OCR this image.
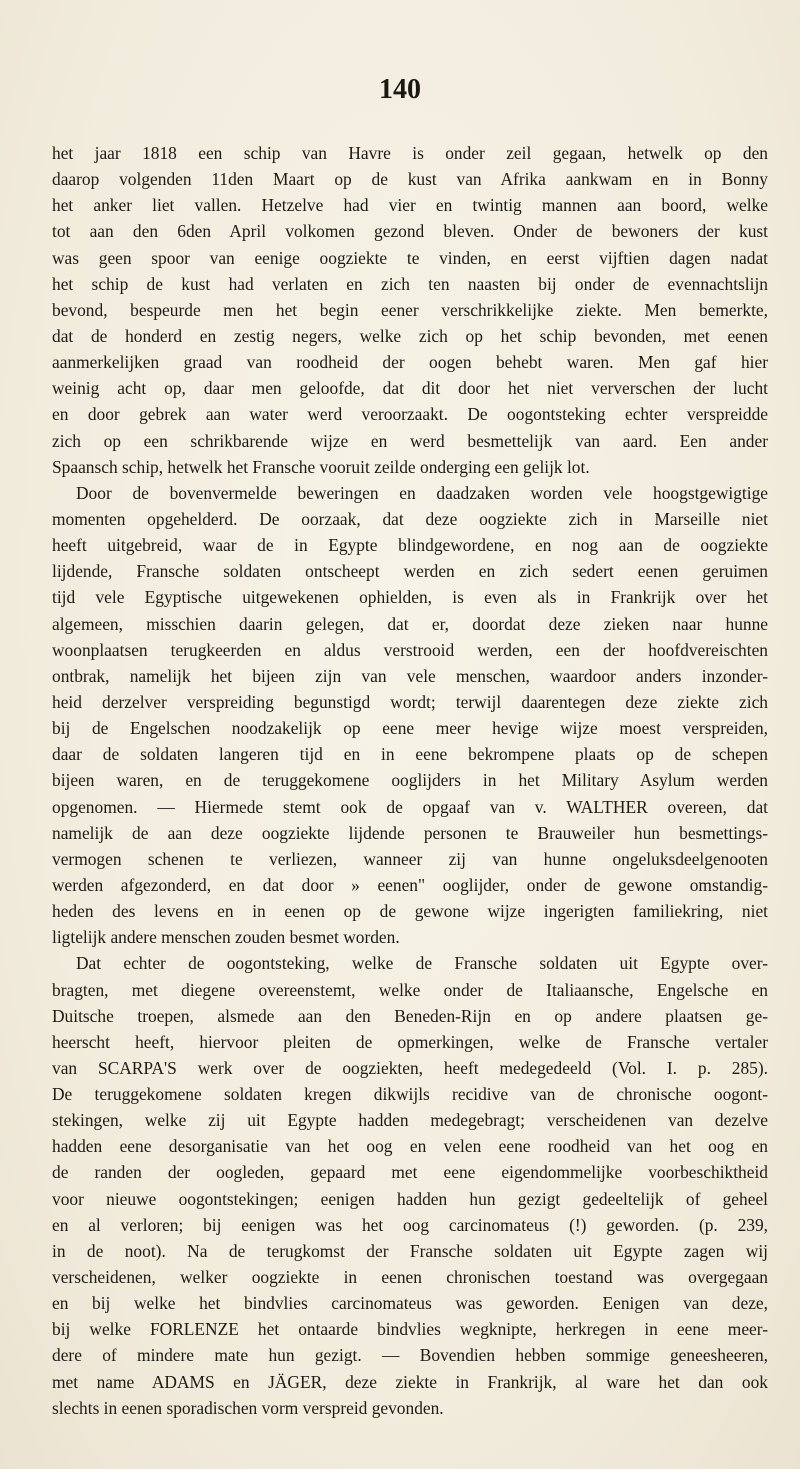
140
het jaar 1818 een schip van Havre is onder zeil gegaan, hetwelk op den
daarop volgenden 11den Maart op de kust van Afrika aankwam en in Bonny
het anker liet vallen. Hetzelve had vier en twintig mannen aan boord, welke
tot aan den 6den April volkomen gezond bleven. Onder de bewoners der kust
was geen spoor van eenige oogziekte te vinden, en eerst vijftien dagen nadat
het schip de kust had verlaten en zich ten naasten bij onder de evennachtslijn
bevond, bespeurde men het begin eener verschrikkelijke ziekte. Men bemerkte,
dat de honderd en zestig negers, welke zich op het schip bevonden, met eenen
aanmerkelijken graad van roodheid der oogen behebt waren. Men gaf hier
weinig acht op, daar men geloofde, dat dit door het niet ververschen der lucht
en door gebrek aan water werd veroorzaakt. De oogontsteking echter verspreidde
zich op een schrikbarende wijze en werd besmettelijk van aard. Een ander
Spaansch schip, hetwelk het Fransche vooruit zeilde onderging een gelijk lot.
Door de bovenvermelde beweringen en daadzaken worden vele hoogstgewigtige
momenten opgehelderd. De oorzaak, dat deze oogziekte zich in Marseille niet
heeft uitgebreid, waar de in Egypte blindgewordene, en nog aan de oogziekte
lijdende, Fransche soldaten ontscheept werden en zich sedert eenen geruimen
tijd vele Egyptische uitgewekenen ophielden, is even als in Frankrijk over het
algemeen, misschien daarin gelegen, dat er, doordat deze zieken naar hunne
woonplaatsen terugkeerden en aldus verstrooid werden, een der hoofdvereischten
ontbrak, namelijk het bijeen zijn van vele menschen, waardoor anders inzonder-
heid derzelver verspreiding begunstigd wordt; terwijl daarentegen deze ziekte zich
bij de Engelschen noodzakelijk op eene meer hevige wijze moest verspreiden,
daar de soldaten langeren tijd en in eene bekrompene plaats op de schepen
bijeen waren, en de teruggekomene ooglijders in het Military Asylum werden
opgenomen. — Hiermede stemt ook de opgaaf van v. WALTHER overeen, dat
namelijk de aan deze oogziekte lijdende personen te Brauweiler hun besmettings-
vermogen schenen te verliezen, wanneer zij van hunne ongeluksdeelgenooten
werden afgezonderd, en dat door » eenen" ooglijder, onder de gewone omstandig-
heden des levens en in eenen op de gewone wijze ingerigten familiekring, niet
ligtelijk andere menschen zouden besmet worden.
Dat echter de oogontsteking, welke de Fransche soldaten uit Egypte over-
bragten, met diegene overeenstemt, welke onder de Italiaansche, Engelsche en
Duitsche troepen, alsmede aan den Beneden-Rijn en op andere plaatsen ge-
heerscht heeft, hiervoor pleiten de opmerkingen, welke de Fransche vertaler
van SCARPA'S werk over de oogziekten, heeft medegedeeld (Vol. I. p. 285).
De teruggekomene soldaten kregen dikwijls recidive van de chronische oogont-
stekingen, welke zij uit Egypte hadden medegebragt; verscheidenen van dezelve
hadden eene desorganisatie van het oog en velen eene roodheid van het oog en
de randen der oogleden, gepaard met eene eigendommelijke voorbeschiktheid
voor nieuwe oogontstekingen; eenigen hadden hun gezigt gedeeltelijk of geheel
en al verloren; bij eenigen was het oog carcinomateus (!) geworden. (p. 239,
in de noot). Na de terugkomst der Fransche soldaten uit Egypte zagen wij
verscheidenen, welker oogziekte in eenen chronischen toestand was overgegaan
en bij welke het bindvlies carcinomateus was geworden. Eenigen van deze,
bij welke FORLENZE het ontaarde bindvlies wegknipte, herkregen in eene meer-
dere of mindere mate hun gezigt. — Bovendien hebben sommige geneesheeren,
met name ADAMS en JÄGER, deze ziekte in Frankrijk, al ware het dan ook
slechts in eenen sporadischen vorm verspreid gevonden.
